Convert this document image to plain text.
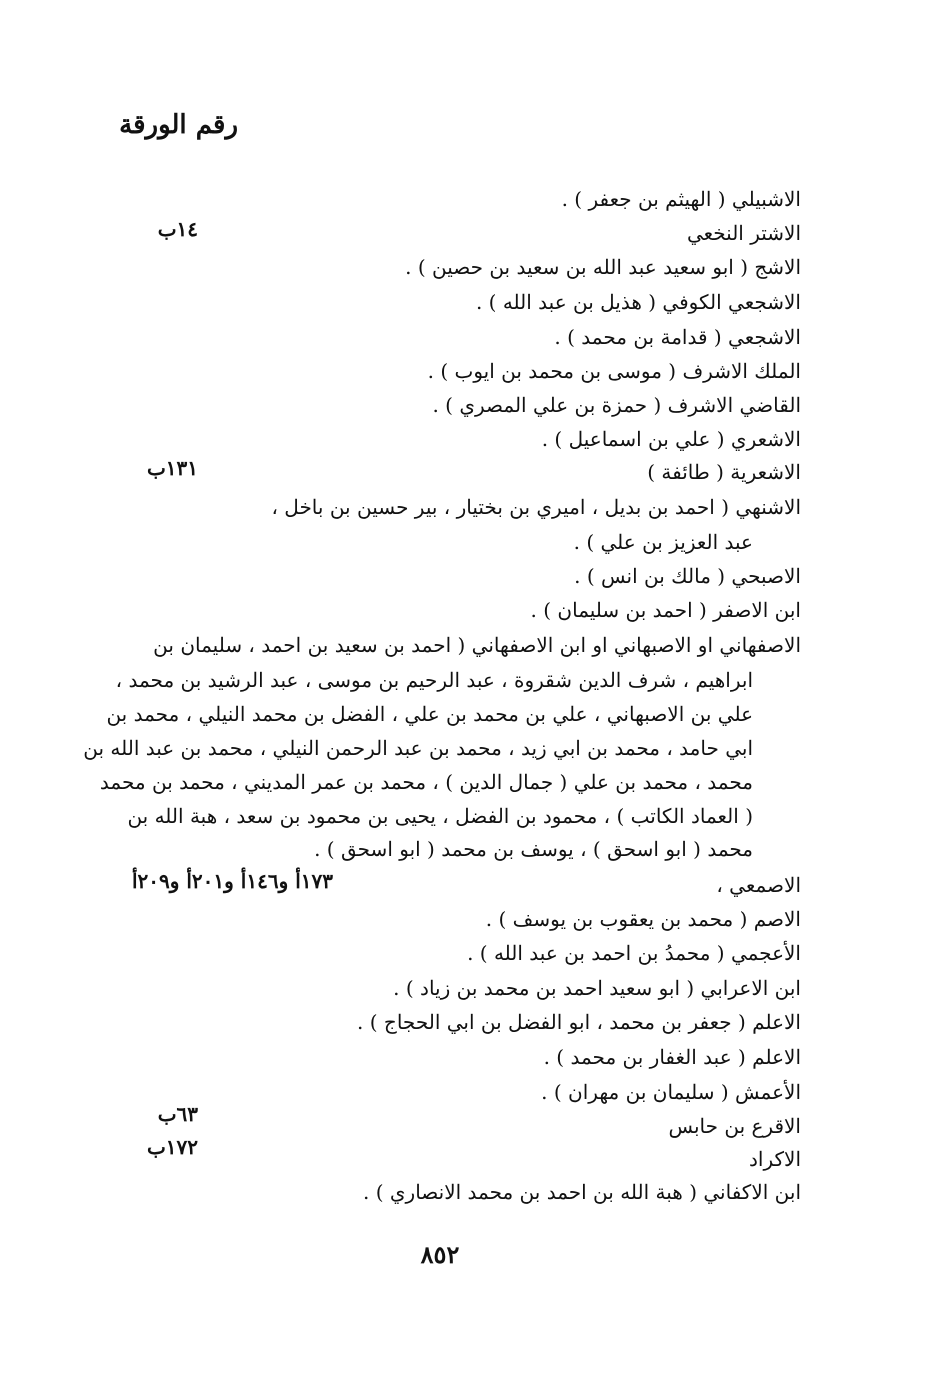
رقم الورقة
الاشبيلي ( الهيثم بن جعفر ) .
الاشتر النخعي
الاشج ( ابو سعيد عبد الله بن سعيد بن حصين ) .
الاشجعي الكوفي ( هذيل بن عبد الله ) .
الاشجعي ( قدامة بن محمد ) .
الملك الاشرف ( موسى بن محمد بن ايوب ) .
القاضي الاشرف ( حمزة بن علي المصري ) .
الاشعري ( علي بن اسماعيل ) .
الاشعرية ( طائفة )
الاشنهي ( احمد بن بديل ، اميري بن بختيار ، بير حسين بن باخل ،
عبد العزيز بن علي ) .
الاصبحي ( مالك بن انس ) .
ابن الاصفر ( احمد بن سليمان ) .
الاصفهاني او الاصبهاني او ابن الاصفهاني ( احمد بن سعيد بن احمد ، سليمان بن
ابراهيم ، شرف الدين شقروة ، عبد الرحيم بن موسى ، عبد الرشيد بن محمد ،
علي بن الاصبهاني ، علي بن محمد بن علي ، الفضل بن محمد النيلي ، محمد بن
ابي حامد ، محمد بن ابي زيد ، محمد بن عبد الرحمن النيلي ، محمد بن عبد الله بن
محمد ، محمد بن علي ( جمال الدين ) ، محمد بن عمر المديني ، محمد بن محمد
( العماد الكاتب ) ، محمود بن الفضل ، يحيى بن محمود بن سعد ، هبة الله بن
محمد ( ابو اسحق ) ، يوسف بن محمد ( ابو اسحق ) .
الاصمعي ،
الاصم ( محمد بن يعقوب بن يوسف ) .
الأعجمي ( محمدُ بن احمد بن عبد الله ) .
ابن الاعرابي ( ابو سعيد احمد بن محمد بن زياد ) .
الاعلم ( جعفر بن محمد ، ابو الفضل بن ابي الحجاج ) .
الاعلم ( عبد الغفار بن محمد ) .
الأعمش ( سليمان بن مهران ) .
الاقرع بن حابس
الاكراد
ابن الاكفاني ( هبة الله بن احمد بن محمد الانصاري ) .
١٤ب
١٣١ب
١٧٣أ و١٤٦أ و٢٠١أ و٢٠٩أ
٦٣ب
١٧٢ب
٨٥٢
